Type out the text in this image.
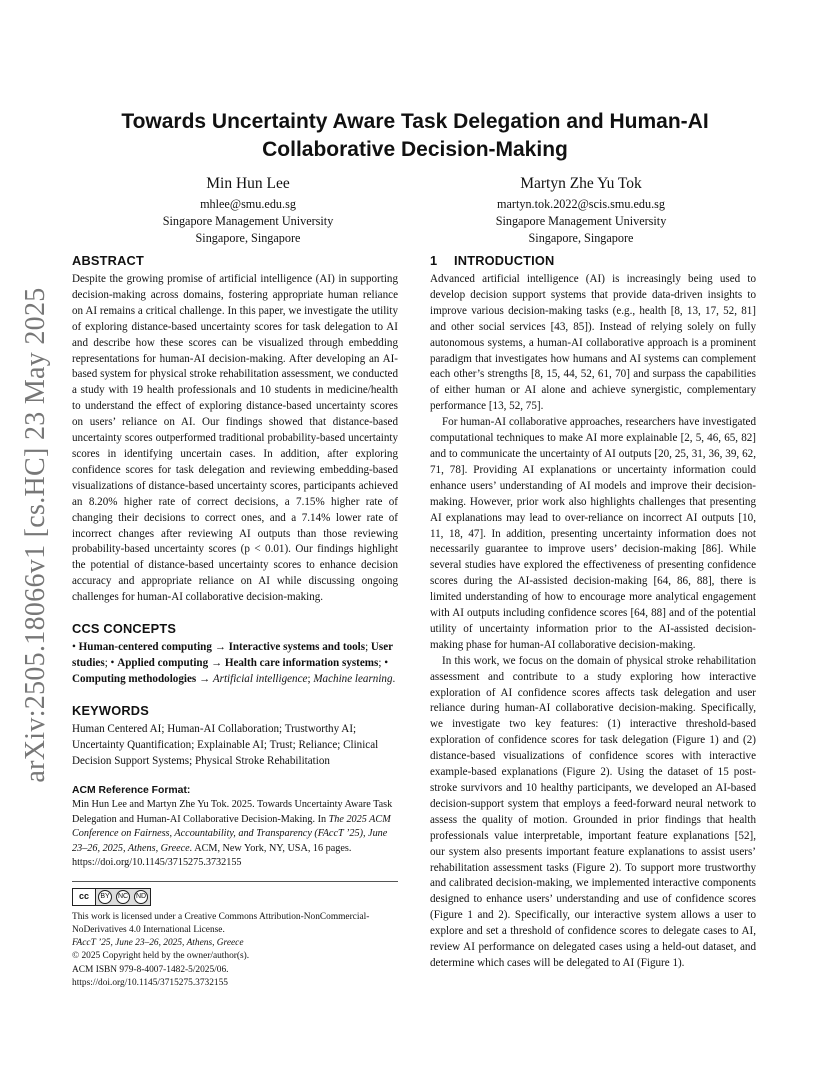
arXiv:2505.18066v1 [cs.HC] 23 May 2025
Towards Uncertainty Aware Task Delegation and Human-AI
Collaborative Decision-Making
Min Hun Lee
mhlee@smu.edu.sg
Singapore Management University
Singapore, Singapore
Martyn Zhe Yu Tok
martyn.tok.2022@scis.smu.edu.sg
Singapore Management University
Singapore, Singapore
ABSTRACT

Despite the growing promise of artificial intelligence (AI) in supporting decision-making across domains, fostering appropriate human reliance on AI remains a critical challenge. In this paper, we investigate the utility of exploring distance-based uncertainty scores for task delegation to AI and describe how these scores can be visualized through embedding representations for human-AI decision-making. After developing an AI-based system for physical stroke rehabilitation assessment, we conducted a study with 19 health professionals and 10 students in medicine/health to understand the effect of exploring distance-based uncertainty scores on users’ reliance on AI. Our findings showed that distance-based uncertainty scores outperformed traditional probability-based uncertainty scores in identifying uncertain cases. In addition, after exploring confidence scores for task delegation and reviewing embedding-based visualizations of distance-based uncertainty scores, participants achieved an 8.20% higher rate of correct decisions, a 7.15% higher rate of changing their decisions to correct ones, and a 7.14% lower rate of incorrect changes after reviewing AI outputs than those reviewing probability-based uncertainty scores (p < 0.01). Our findings highlight the potential of distance-based uncertainty scores to enhance decision accuracy and appropriate reliance on AI while discussing ongoing challenges for human-AI collaborative decision-making.

CCS CONCEPTS

• Human-centered computing → Interactive systems and tools; User studies; • Applied computing → Health care information systems; • Computing methodologies → Artificial intelligence; Machine learning.

KEYWORDS

Human Centered AI; Human-AI Collaboration; Trustworthy AI; Uncertainty Quantification; Explainable AI; Trust; Reliance; Clinical Decision Support Systems; Physical Stroke Rehabilitation

ACM Reference Format:

Min Hun Lee and Martyn Zhe Yu Tok. 2025. Towards Uncertainty Aware Task Delegation and Human-AI Collaborative Decision-Making. In The 2025 ACM Conference on Fairness, Accountability, and Transparency (FAccT ’25), June 23–26, 2025, Athens, Greece. ACM, New York, NY, USA, 16 pages. https://doi.org/10.1145/3715275.3732155

cc	BY	NC ND
This work is licensed under a Creative Commons Attribution-NonCommercial-NoDerivatives 4.0 International License.
FAccT ’25, June 23–26, 2025, Athens, Greece
© 2025 Copyright held by the owner/author(s).
ACM ISBN 979-8-4007-1482-5/2025/06.
https://doi.org/10.1145/3715275.3732155
1 INTRODUCTION

Advanced artificial intelligence (AI) is increasingly being used to develop decision support systems that provide data-driven insights to improve various decision-making tasks (e.g., health [8, 13, 17, 52, 81] and other social services [43, 85]). Instead of relying solely on fully autonomous systems, a human-AI collaborative approach is a prominent paradigm that investigates how humans and AI systems can complement each other’s strengths [8, 15, 44, 52, 61, 70] and surpass the capabilities of either human or AI alone and achieve synergistic, complementary performance [13, 52, 75].

For human-AI collaborative approaches, researchers have investigated computational techniques to make AI more explainable [2, 5, 46, 65, 82] and to communicate the uncertainty of AI outputs [20, 25, 31, 36, 39, 62, 71, 78]. Providing AI explanations or uncertainty information could enhance users’ understanding of AI models and improve their decision-making. However, prior work also highlights challenges that presenting AI explanations may lead to over-reliance on incorrect AI outputs [10, 11, 18, 47]. In addition, presenting uncertainty information does not necessarily guarantee to improve users’ decision-making [86]. While several studies have explored the effectiveness of presenting confidence scores during the AI-assisted decision-making [64, 86, 88], there is limited understanding of how to encourage more analytical engagement with AI outputs including confidence scores [64, 88] and of the potential utility of uncertainty information prior to the AI-assisted decision-making phase for human-AI collaborative decision-making.

In this work, we focus on the domain of physical stroke rehabilitation assessment and contribute to a study exploring how interactive exploration of AI confidence scores affects task delegation and user reliance during human-AI collaborative decision-making. Specifically, we investigate two key features: (1) interactive threshold-based exploration of confidence scores for task delegation (Figure 1) and (2) distance-based visualizations of confidence scores with interactive example-based explanations (Figure 2). Using the dataset of 15 post-stroke survivors and 10 healthy participants, we developed an AI-based decision-support system that employs a feed-forward neural network to assess the quality of motion. Grounded in prior findings that health professionals value interpretable, important feature explanations [52], our system also presents important feature explanations to assist users’ rehabilitation assessment tasks (Figure 2). To support more trustworthy and calibrated decision-making, we implemented interactive components designed to enhance users’ understanding and use of confidence scores (Figure 1 and 2). Specifically, our interactive system allows a user to explore and set a threshold of confidence scores to delegate cases to AI, review AI performance on delegated cases using a held-out dataset, and determine which cases will be delegated to AI (Figure 1).
